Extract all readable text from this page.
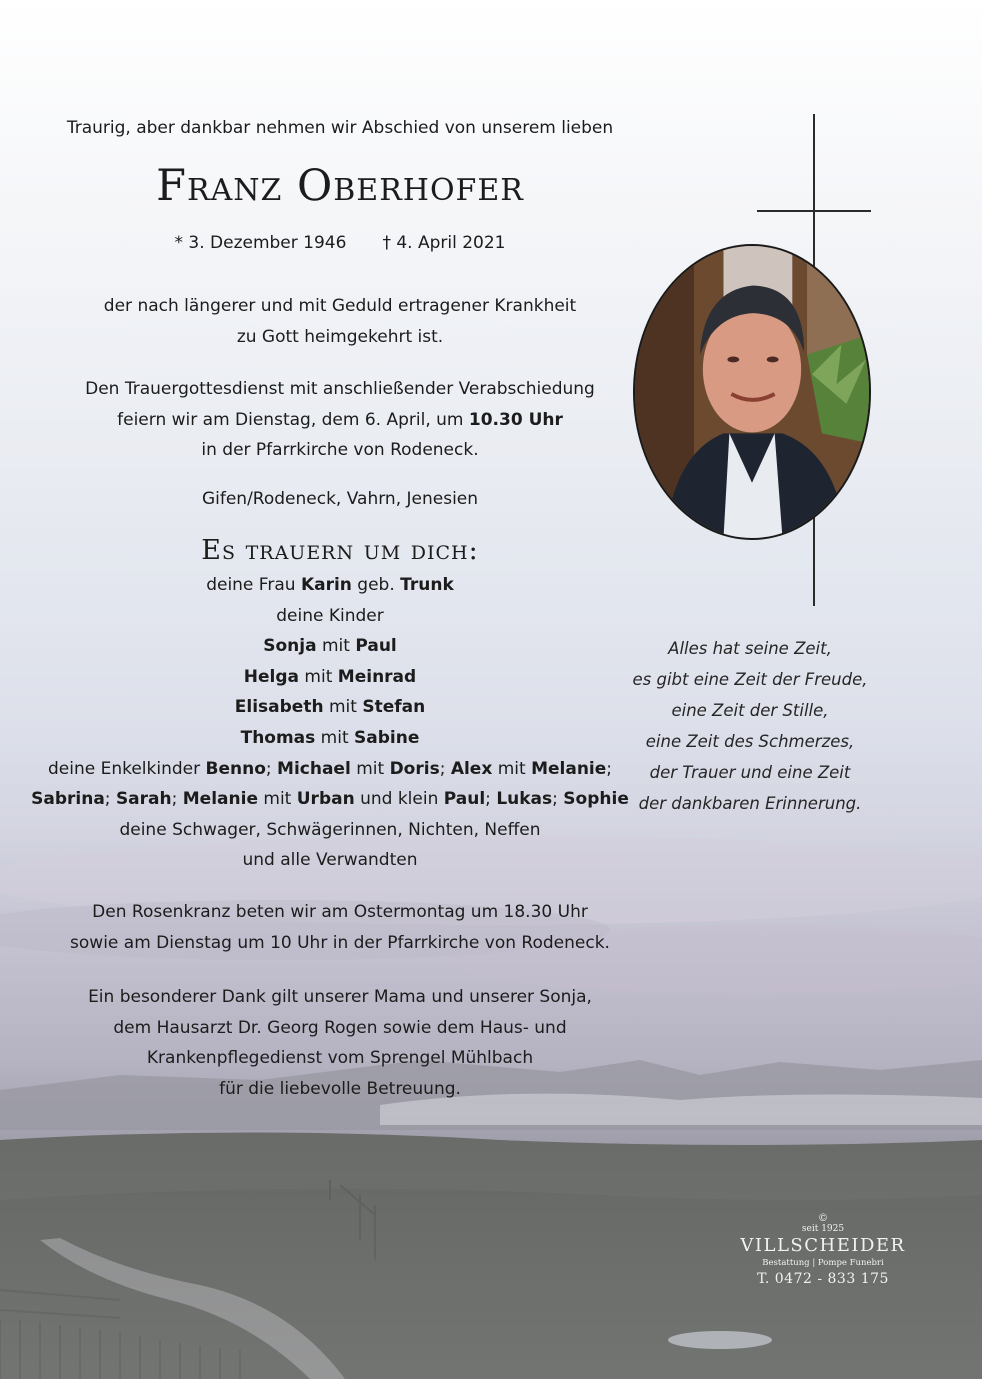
Traurig, aber dankbar nehmen wir Abschied von unserem lieben
Franz Oberhofer
* 3. Dezember 1946 † 4. April 2021
der nach längerer und mit Geduld ertragener Krankheit
zu Gott heimgekehrt ist.
Den Trauergottesdienst mit anschließender Verabschiedung
feiern wir am Dienstag, dem 6. April, um 10.30 Uhr
in der Pfarrkirche von Rodeneck.
Gifen/Rodeneck, Vahrn, Jenesien
Es trauern um dich:
deine Frau Karin geb. Trunk
deine Kinder
Sonja mit Paul
Helga mit Meinrad
Elisabeth mit Stefan
Thomas mit Sabine
deine Enkelkinder Benno; Michael mit Doris; Alex mit Melanie;
Sabrina; Sarah; Melanie mit Urban und klein Paul; Lukas; Sophie
deine Schwager, Schwägerinnen, Nichten, Neffen
und alle Verwandten
Den Rosenkranz beten wir am Ostermontag um 18.30 Uhr
sowie am Dienstag um 10 Uhr in der Pfarrkirche von Rodeneck.
Ein besonderer Dank gilt unserer Mama und unserer Sonja,
dem Hausarzt Dr. Georg Rogen sowie dem Haus- und
Krankenpflegedienst vom Sprengel Mühlbach
für die liebevolle Betreuung.
Alles hat seine Zeit,
es gibt eine Zeit der Freude,
eine Zeit der Stille,
eine Zeit des Schmerzes,
der Trauer und eine Zeit
der dankbaren Erinnerung.
©
seit 1925
VILLSCHEIDER
Bestattung | Pompe Funebri
T. 0472 - 833 175
